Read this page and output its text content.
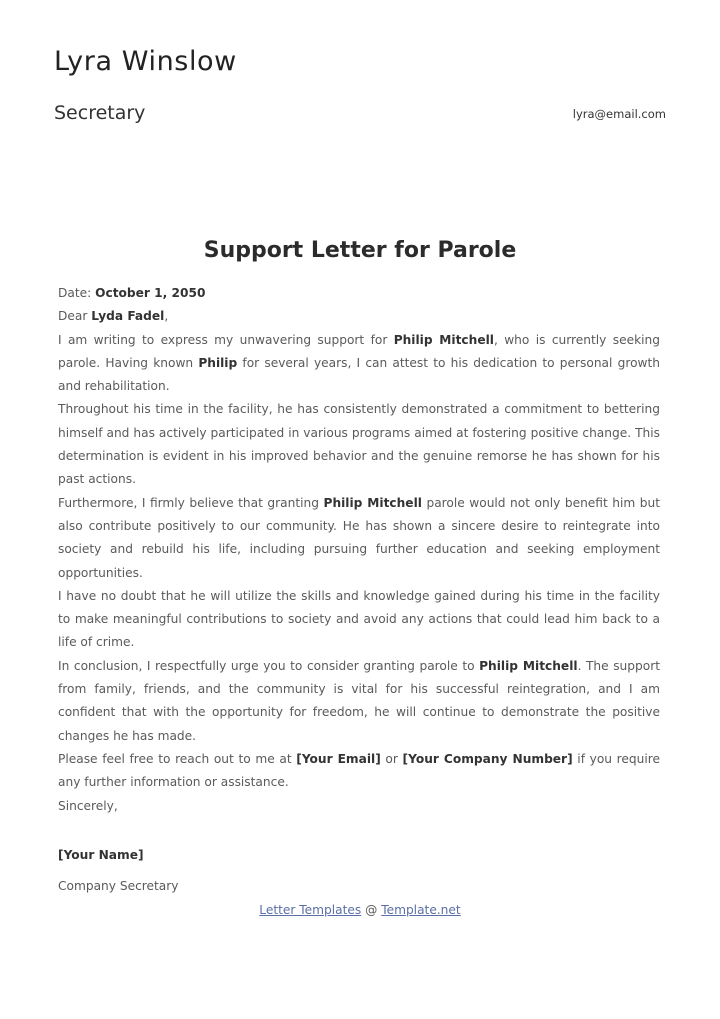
Lyra Winslow
Secretary	lyra@email.com
Support Letter for Parole

Date: October 1, 2050

Dear Lyda Fadel,

I am writing to express my unwavering support for Philip Mitchell, who is currently seeking parole. Having known Philip for several years, I can attest to his dedication to personal growth and rehabilitation.

Throughout his time in the facility, he has consistently demonstrated a commitment to bettering himself and has actively participated in various programs aimed at fostering positive change. This determination is evident in his improved behavior and the genuine remorse he has shown for his past actions.

Furthermore, I firmly believe that granting Philip Mitchell parole would not only benefit him but also contribute positively to our community. He has shown a sincere desire to reintegrate into society and rebuild his life, including pursuing further education and seeking employment opportunities.

I have no doubt that he will utilize the skills and knowledge gained during his time in the facility to make meaningful contributions to society and avoid any actions that could lead him back to a life of crime.

In conclusion, I respectfully urge you to consider granting parole to Philip Mitchell. The support from family, friends, and the community is vital for his successful reintegration, and I am confident that with the opportunity for freedom, he will continue to demonstrate the positive changes he has made.

Please feel free to reach out to me at [Your Email] or [Your Company Number] if you require any further information or assistance.

Sincerely,

[Your Name]
Company Secretary
Letter Templates @ Template.net
